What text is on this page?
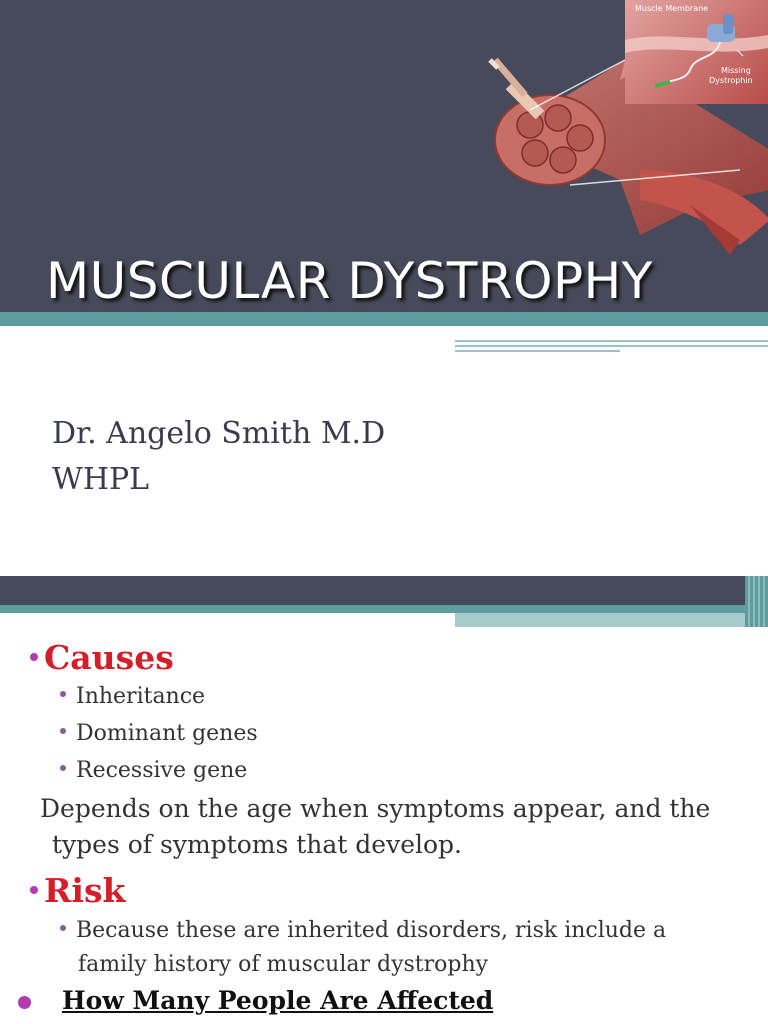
Muscle Membrane
Missing
Dystrophin
MUSCULAR DYSTROPHY
Dr. Angelo Smith M.D
WHPL
Causes
Inheritance
Dominant genes
Recessive gene
Depends on the age when symptoms appear, and the
types of symptoms that develop.
Risk
Because these are inherited disorders, risk include a
family history of muscular dystrophy
How Many People Are Affected
